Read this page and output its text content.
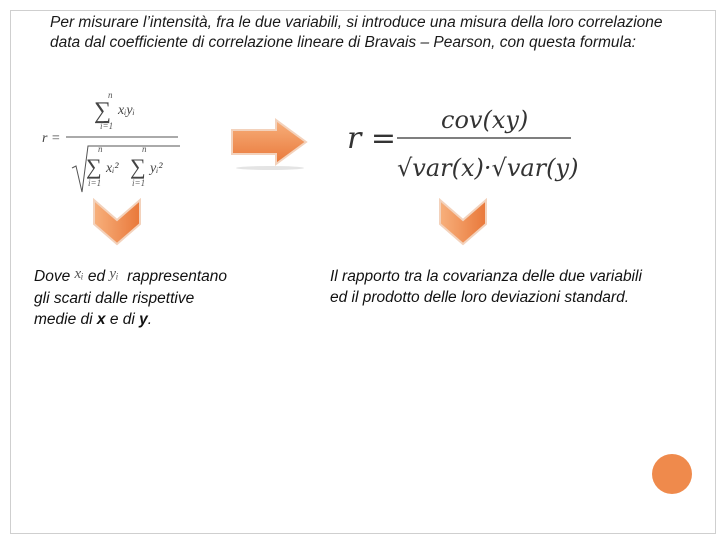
Per misurare l’intensità, fra le due variabili, si introduce una misura della loro correlazione data dal coefficiente di correlazione lineare di Bravais – Pearson, con questa formula:
r =
n
∑ xᵢyᵢ
i=1
n
∑ xᵢ²
i=1
n
∑ yᵢ²
i=1
r =
cov(xy)
√var(x)·√var(y)
Dove xᵢ ed yᵢ rappresentano
gli scarti dalle rispettive
medie di x e di y.
Il rapporto tra la covarianza delle due variabili ed il prodotto delle loro deviazioni standard.
